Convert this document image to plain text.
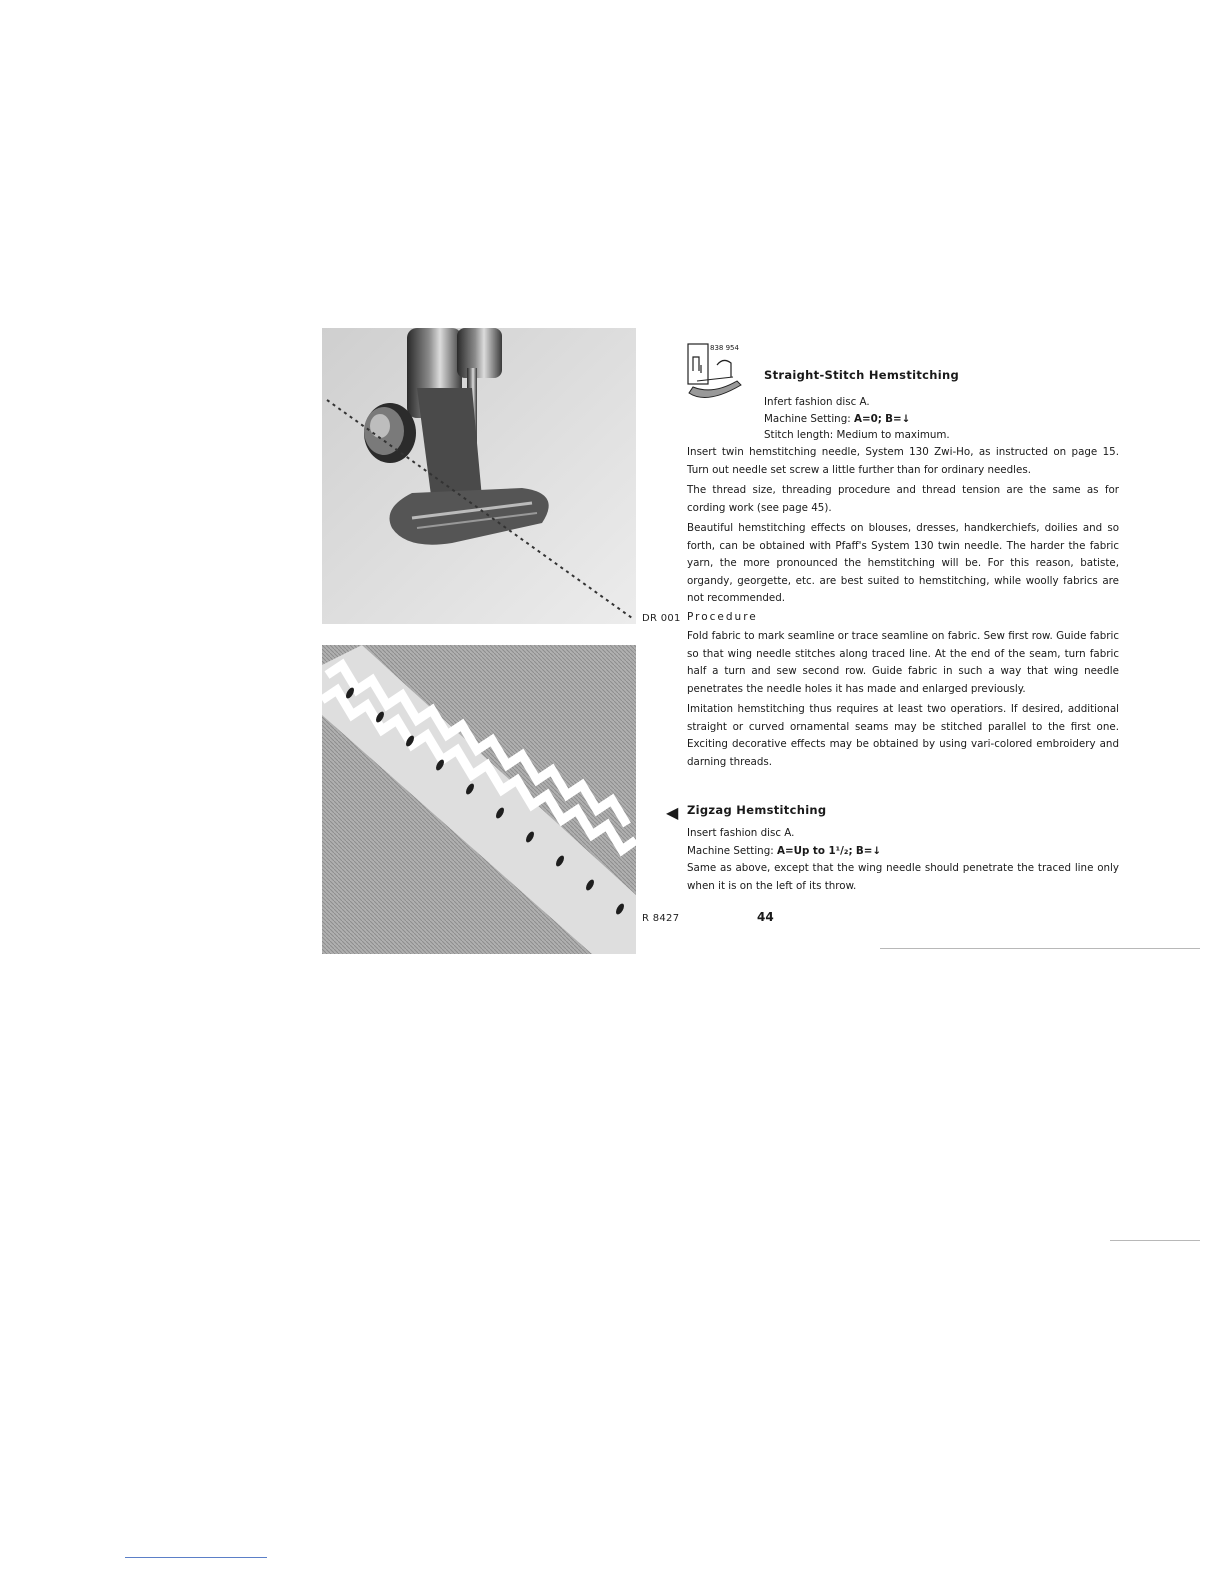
DR 001
R 8427
838 954
Straight-Stitch Hemstitching

Infert fashion disc A.

Machine Setting: A=0; B=↓

Stitch length: Medium to maximum.

Insert twin hemstitching needle, System 130 Zwi-Ho, as instructed on page 15. Turn out needle set screw a little further than for ordinary needles.

The thread size, threading procedure and thread tension are the same as for cording work (see page 45).

Beautiful hemstitching effects on blouses, dresses, handkerchiefs, doilies and so forth, can be obtained with Pfaff's System 130 twin needle. The harder the fabric yarn, the more pronounced the hemstitching will be. For this reason, batiste, organdy, georgette, etc. are best suited to hemstitching, while woolly fabrics are not recommended.

Procedure

Fold fabric to mark seamline or trace seamline on fabric. Sew first row. Guide fabric so that wing needle stitches along traced line. At the end of the seam, turn fabric half a turn and sew second row. Guide fabric in such a way that wing needle penetrates the needle holes it has made and enlarged previously.

Imitation hemstitching thus requires at least two operatiors. If desired, additional straight or curved ornamental seams may be stitched parallel to the first one. Exciting decorative effects may be obtained by using vari-colored embroidery and darning threads.

◀ Zigzag Hemstitching

Insert fashion disc A.

Machine Setting: A=Up to 1¹/₂; B=↓

Same as above, except that the wing needle should penetrate the traced line only when it is on the left of its throw.

44
